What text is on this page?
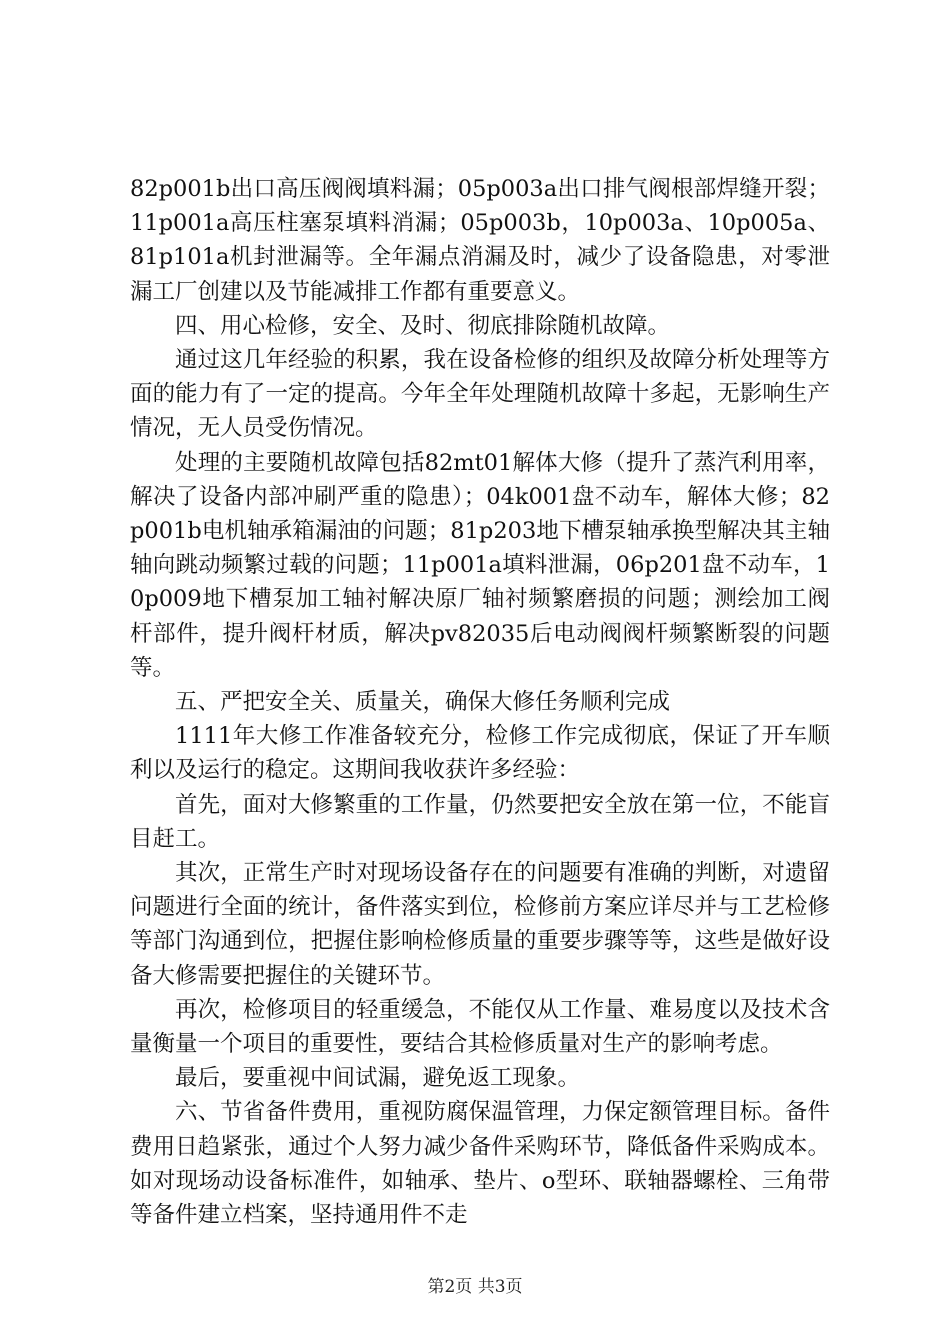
82p001b出口高压阀阀填料漏；05p003a出口排气阀根部焊缝开裂；11p001a高压柱塞泵填料消漏；05p003b，10p003a、10p005a、81p101a机封泄漏等。全年漏点消漏及时，减少了设备隐患，对零泄漏工厂创建以及节能减排工作都有重要意义。

四、用心检修，安全、及时、彻底排除随机故障。

通过这几年经验的积累，我在设备检修的组织及故障分析处理等方面的能力有了一定的提高。今年全年处理随机故障十多起，无影响生产情况，无人员受伤情况。

处理的主要随机故障包括82mt01解体大修（提升了蒸汽利用率，解决了设备内部冲刷严重的隐患）；04k001盘不动车，解体大修；82p001b电机轴承箱漏油的问题；81p203地下槽泵轴承换型解决其主轴轴向跳动频繁过载的问题；11p001a填料泄漏，06p201盘不动车，10p009地下槽泵加工轴衬解决原厂轴衬频繁磨损的问题；测绘加工阀杆部件，提升阀杆材质，解决pv82035后电动阀阀杆频繁断裂的问题等。

五、严把安全关、质量关，确保大修任务顺利完成

1111年大修工作准备较充分，检修工作完成彻底，保证了开车顺利以及运行的稳定。这期间我收获许多经验：

首先，面对大修繁重的工作量，仍然要把安全放在第一位，不能盲目赶工。

其次，正常生产时对现场设备存在的问题要有准确的判断，对遗留问题进行全面的统计，备件落实到位，检修前方案应详尽并与工艺检修等部门沟通到位，把握住影响检修质量的重要步骤等等，这些是做好设备大修需要把握住的关键环节。

再次，检修项目的轻重缓急，不能仅从工作量、难易度以及技术含量衡量一个项目的重要性，要结合其检修质量对生产的影响考虑。

最后，要重视中间试漏，避免返工现象。

六、节省备件费用，重视防腐保温管理，力保定额管理目标。备件费用日趋紧张，通过个人努力减少备件采购环节，降低备件采购成本。如对现场动设备标准件，如轴承、垫片、o型环、联轴器螺栓、三角带等备件建立档案，坚持通用件不走

第2页 共3页
